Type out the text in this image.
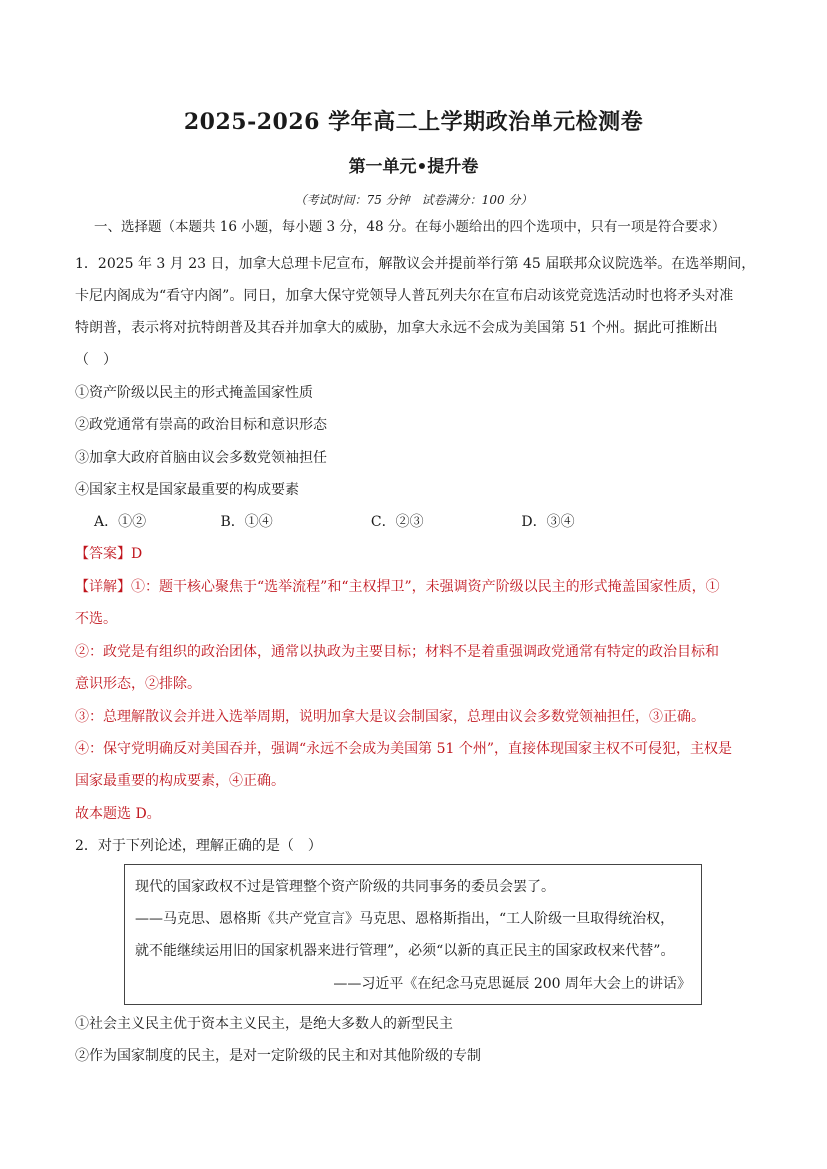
2025-2026 学年高二上学期政治单元检测卷
第一单元•提升卷
（考试时间：75 分钟　试卷满分：100 分）
一、选择题（本题共 16 小题，每小题 3 分，48 分。在每小题给出的四个选项中，只有一项是符合要求）
1．2025 年 3 月 23 日，加拿大总理卡尼宣布，解散议会并提前举行第 45 届联邦众议院选举。在选举期间，
卡尼内阁成为“看守内阁”。同日，加拿大保守党领导人普瓦列夫尔在宣布启动该党竞选活动时也将矛头对准
特朗普，表示将对抗特朗普及其吞并加拿大的威胁，加拿大永远不会成为美国第 51 个州。据此可推断出
（　）
①资产阶级以民主的形式掩盖国家性质
②政党通常有崇高的政治目标和意识形态
③加拿大政府首脑由议会多数党领袖担任
④国家主权是国家最重要的构成要素
A．①②	B．①④	C．②③	D．③④
【答案】D
【详解】①：题干核心聚焦于“选举流程”和“主权捍卫”，未强调资产阶级以民主的形式掩盖国家性质，①
不选。
②：政党是有组织的政治团体，通常以执政为主要目标；材料不是着重强调政党通常有特定的政治目标和
意识形态，②排除。
③：总理解散议会并进入选举周期，说明加拿大是议会制国家，总理由议会多数党领袖担任，③正确。
④：保守党明确反对美国吞并，强调“永远不会成为美国第 51 个州”，直接体现国家主权不可侵犯，主权是
国家最重要的构成要素，④正确。
故本题选 D。
2．对于下列论述，理解正确的是（　）
现代的国家政权不过是管理整个资产阶级的共同事务的委员会罢了。
——马克思、恩格斯《共产党宣言》马克思、恩格斯指出，“工人阶级一旦取得统治权，
就不能继续运用旧的国家机器来进行管理”，必须“以新的真正民主的国家政权来代替”。
——习近平《在纪念马克思诞辰 200 周年大会上的讲话》
①社会主义民主优于资本主义民主，是绝大多数人的新型民主
②作为国家制度的民主，是对一定阶级的民主和对其他阶级的专制
